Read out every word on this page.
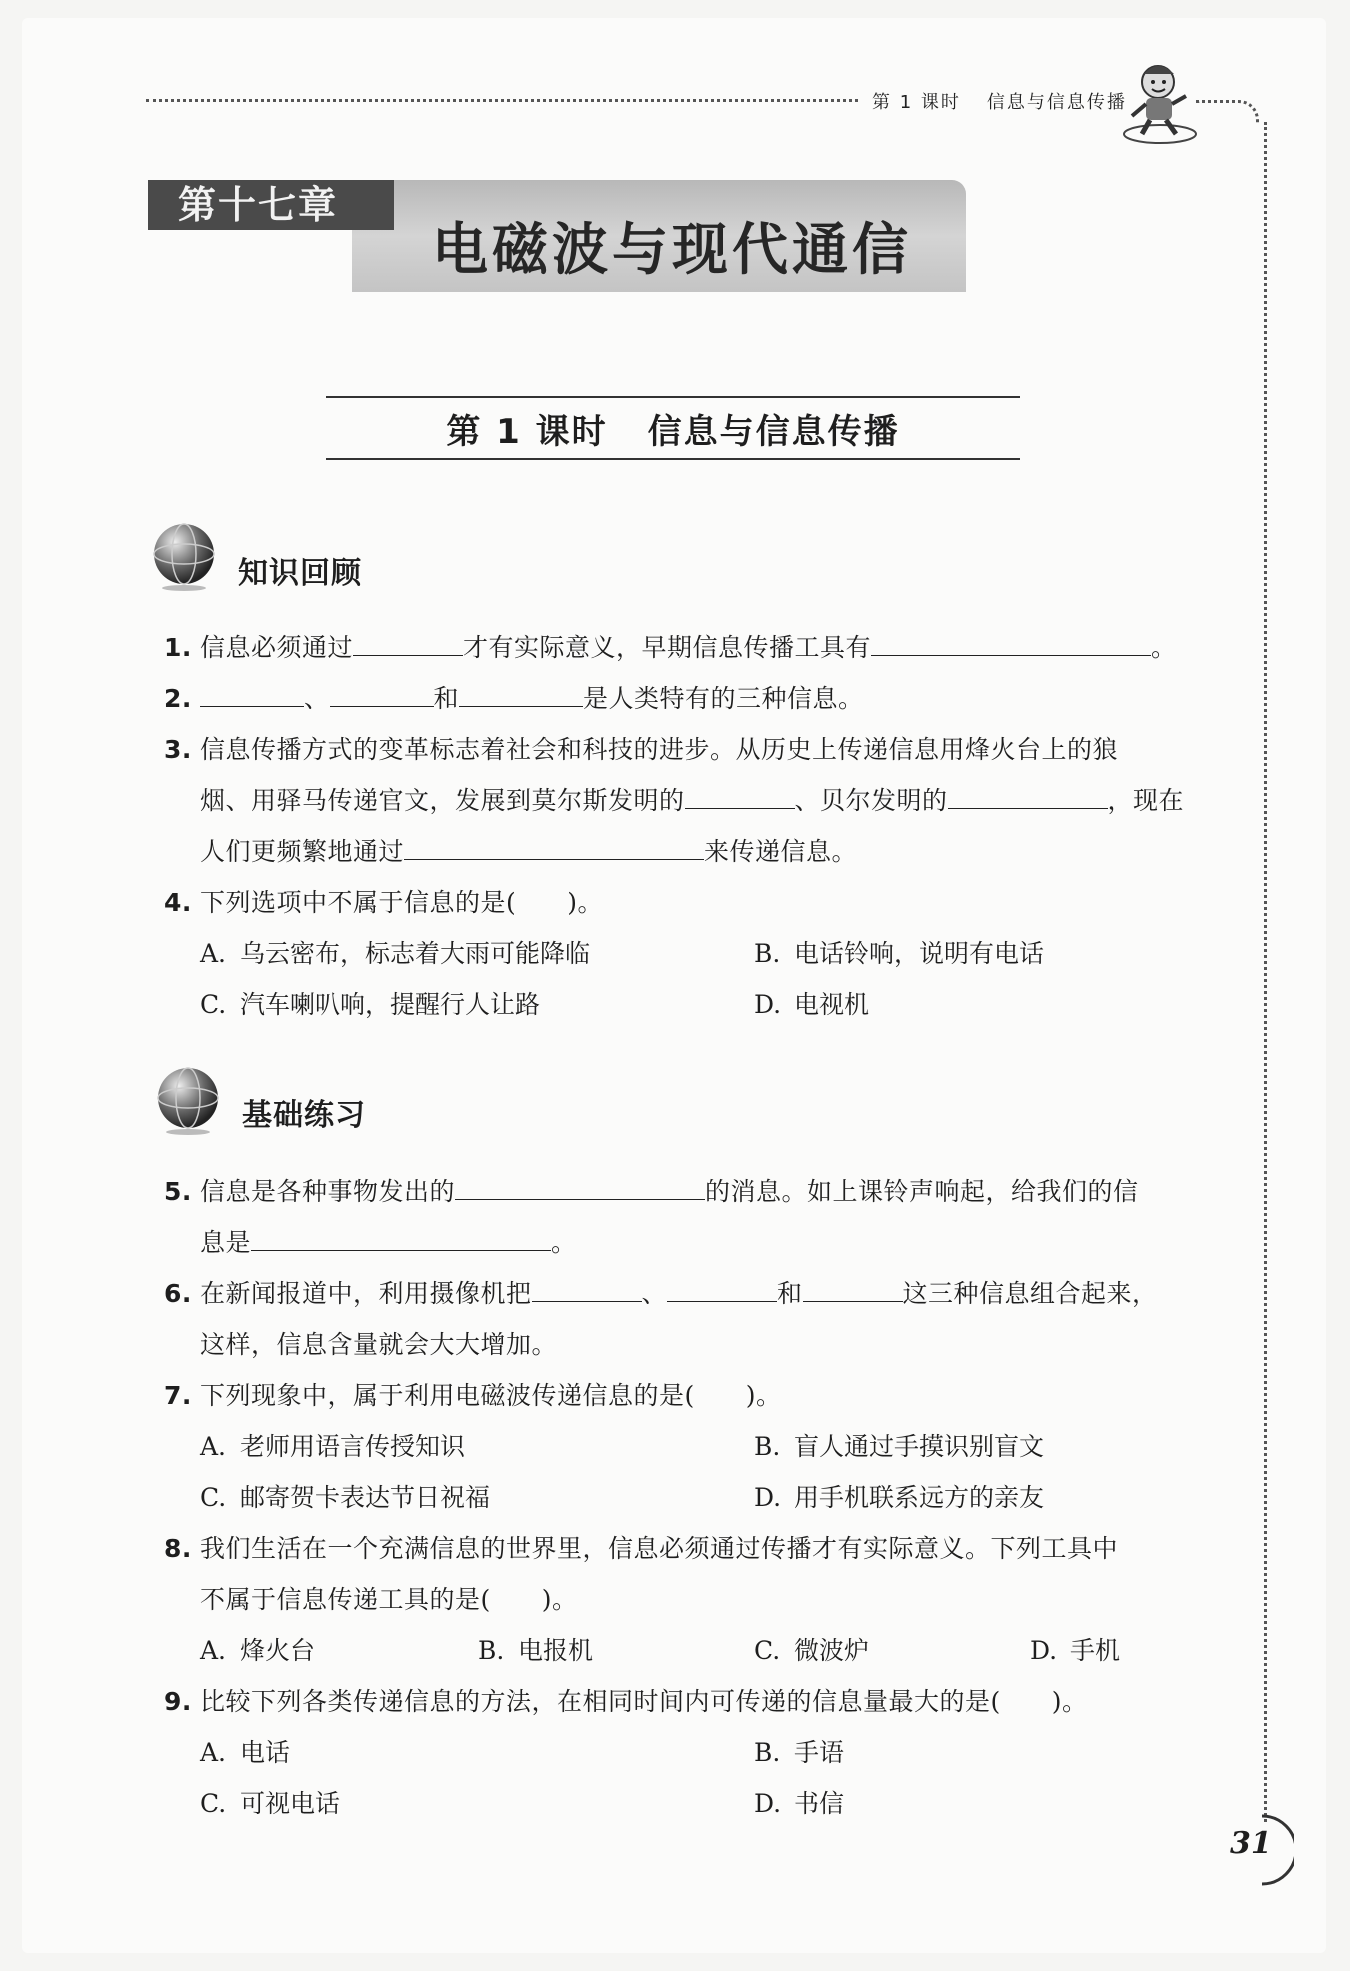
第 1 课时 信息与信息传播
电磁波与现代通信
第十七章
第 1 课时 信息与信息传播
知识回顾
1. 信息必须通过	才有实际意义，早期信息传播工具有	。
2.	、	和	是人类特有的三种信息。
3. 信息传播方式的变革标志着社会和科技的进步。从历史上传递信息用烽火台上的狼
烟、用驿马传递官文，发展到莫尔斯发明的	、贝尔发明的	，现在
人们更频繁地通过	来传递信息。
4. 下列选项中不属于信息的是(　　)。
A. 乌云密布，标志着大雨可能降临	B. 电话铃响，说明有电话
C. 汽车喇叭响，提醒行人让路	D. 电视机
基础练习
5. 信息是各种事物发出的	的消息。如上课铃声响起，给我们的信
息是	。
6. 在新闻报道中，利用摄像机把	、	和	这三种信息组合起来，
这样，信息含量就会大大增加。
7. 下列现象中，属于利用电磁波传递信息的是(　　)。
A. 老师用语言传授知识	B. 盲人通过手摸识别盲文
C. 邮寄贺卡表达节日祝福	D. 用手机联系远方的亲友
8. 我们生活在一个充满信息的世界里，信息必须通过传播才有实际意义。下列工具中
不属于信息传递工具的是(　　)。
A. 烽火台	B. 电报机	C. 微波炉	D. 手机
9. 比较下列各类传递信息的方法，在相同时间内可传递的信息量最大的是(　　)。
A. 电话	B. 手语
C. 可视电话	D. 书信
31
